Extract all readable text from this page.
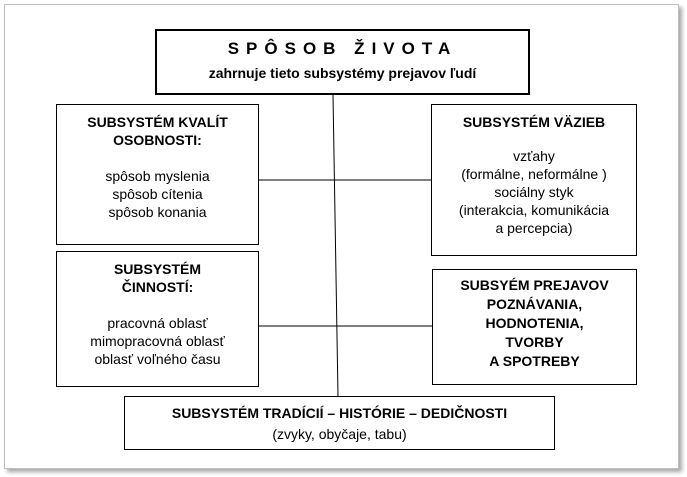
SPÔSOB ŽIVOTA
zahrnuje tieto subsystémy prejavov ľudí
SUBSYSTÉM KVALÍT
OSOBNOSTI:
spôsob myslenia
spôsob cítenia
spôsob konania
SUBSYSTÉM
ČINNOSTÍ:
pracovná oblasť
mimopracovná oblasť
oblasť voľného času
SUBSYSTÉM VÄZIEB
vzťahy
(formálne, neformálne )
sociálny styk
(interakcia, komunikácia
a percepcia)
SUBSYÉM PREJAVOV
POZNÁVANIA,
HODNOTENIA,
TVORBY
A SPOTREBY
SUBSYSTÉM TRADÍCIÍ – HISTÓRIE – DEDIČNOSTI
(zvyky, obyčaje, tabu)
